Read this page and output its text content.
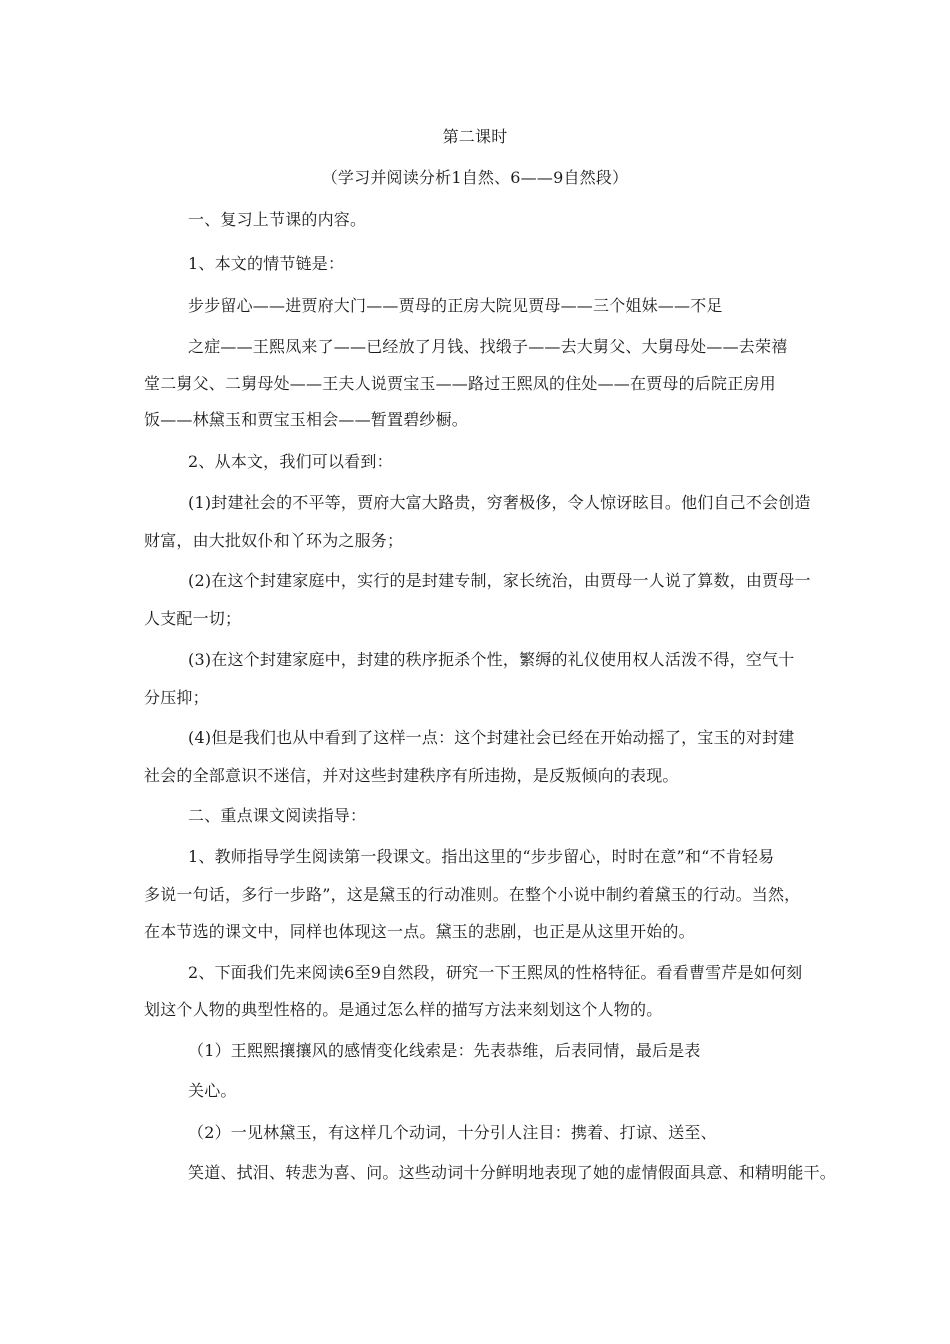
第二课时
（学习并阅读分析1自然、6——9自然段）
一、复习上节课的内容。
1、本文的情节链是：
步步留心——进贾府大门——贾母的正房大院见贾母——三个姐妹——不足
之症——王熙凤来了——已经放了月钱、找缎子——去大舅父、大舅母处——去荣禧
堂二舅父、二舅母处——王夫人说贾宝玉——路过王熙凤的住处——在贾母的后院正房用
饭——林黛玉和贾宝玉相会——暂置碧纱橱。
2、从本文，我们可以看到：
(1)封建社会的不平等，贾府大富大路贵，穷奢极侈，令人惊讶眩目。他们自己不会创造
财富，由大批奴仆和丫环为之服务；
(2)在这个封建家庭中，实行的是封建专制，家长统治，由贾母一人说了算数，由贾母一
人支配一切；
(3)在这个封建家庭中，封建的秩序扼杀个性，繁缛的礼仪使用权人活泼不得，空气十
分压抑；
(4)但是我们也从中看到了这样一点：这个封建社会已经在开始动摇了，宝玉的对封建
社会的全部意识不迷信，并对这些封建秩序有所违拗，是反叛倾向的表现。
二、重点课文阅读指导：
1、教师指导学生阅读第一段课文。指出这里的“步步留心，时时在意”和“不肯轻易
多说一句话，多行一步路”，这是黛玉的行动准则。在整个小说中制约着黛玉的行动。当然，
在本节选的课文中，同样也体现这一点。黛玉的悲剧，也正是从这里开始的。
2、下面我们先来阅读6至9自然段，研究一下王熙凤的性格特征。看看曹雪芹是如何刻
划这个人物的典型性格的。是通过怎么样的描写方法来刻划这个人物的。
（1）王熙熙攘攘风的感情变化线索是：先表恭维，后表同情，最后是表
关心。
（2）一见林黛玉，有这样几个动词，十分引人注目：携着、打谅、送至、
笑道、拭泪、转悲为喜、问。这些动词十分鲜明地表现了她的虚情假面具意、和精明能干。
